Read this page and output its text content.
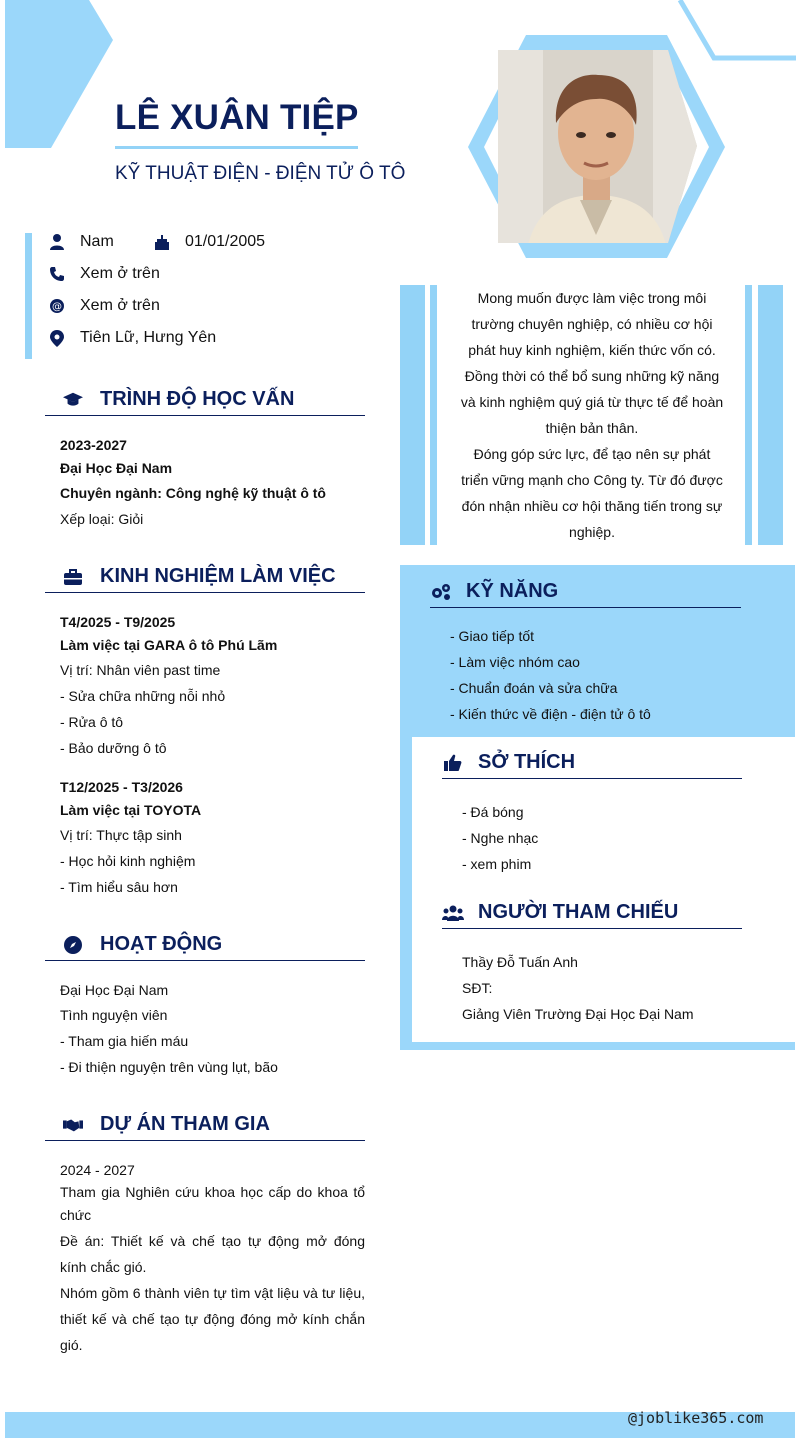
LÊ XUÂN TIỆP
KỸ THUẬT ĐIỆN - ĐIỆN TỬ Ô TÔ
Nam	01/01/2005
Xem ở trên
@ Xem ở trên
Tiên Lữ, Hưng Yên
TRÌNH ĐỘ HỌC VẤN
2023-2027
Đại Học Đại Nam
Chuyên ngành: Công nghệ kỹ thuật ô tô
Xếp loại: Giỏi
KINH NGHIỆM LÀM VIỆC
T4/2025 - T9/2025
Làm việc tại GARA ô tô Phú Lãm
Vị trí: Nhân viên past time
- Sửa chữa những nỗi nhỏ
- Rửa ô tô
- Bảo dưỡng ô tô
T12/2025 - T3/2026
Làm việc tại TOYOTA
Vị trí: Thực tập sinh
- Học hỏi kinh nghiệm
- Tìm hiểu sâu hơn
HOẠT ĐỘNG
Đại Học Đại Nam
Tình nguyện viên
- Tham gia hiến máu
- Đi thiện nguyện trên vùng lụt, bão
DỰ ÁN THAM GIA
2024 - 2027
Tham gia Nghiên cứu khoa học cấp do khoa tổ chức
Đề án: Thiết kế và chế tạo tự động mở đóng kính chắc gió.
Nhóm gồm 6 thành viên tự tìm vật liệu và tư liệu, thiết kế và chế tạo tự động đóng mở kính chắn gió.
Mong muốn được làm việc trong môi
trường chuyên nghiệp, có nhiều cơ hội
phát huy kinh nghiệm, kiến thức vốn có.
Đồng thời có thể bổ sung những kỹ năng
và kinh nghiệm quý giá từ thực tế để hoàn
thiện bản thân.
Đóng góp sức lực, để tạo nên sự phát
triển vững mạnh cho Công ty. Từ đó được
đón nhận nhiều cơ hội thăng tiến trong sự
nghiệp.
KỸ NĂNG
- Giao tiếp tốt
- Làm việc nhóm cao
- Chuẩn đoán và sửa chữa
- Kiến thức về điện - điện tử ô tô
SỞ THÍCH
- Đá bóng
- Nghe nhạc
- xem phim
NGƯỜI THAM CHIẾU
Thầy Đỗ Tuấn Anh
SĐT:
Giảng Viên Trường Đại Học Đại Nam
@joblike365.com
